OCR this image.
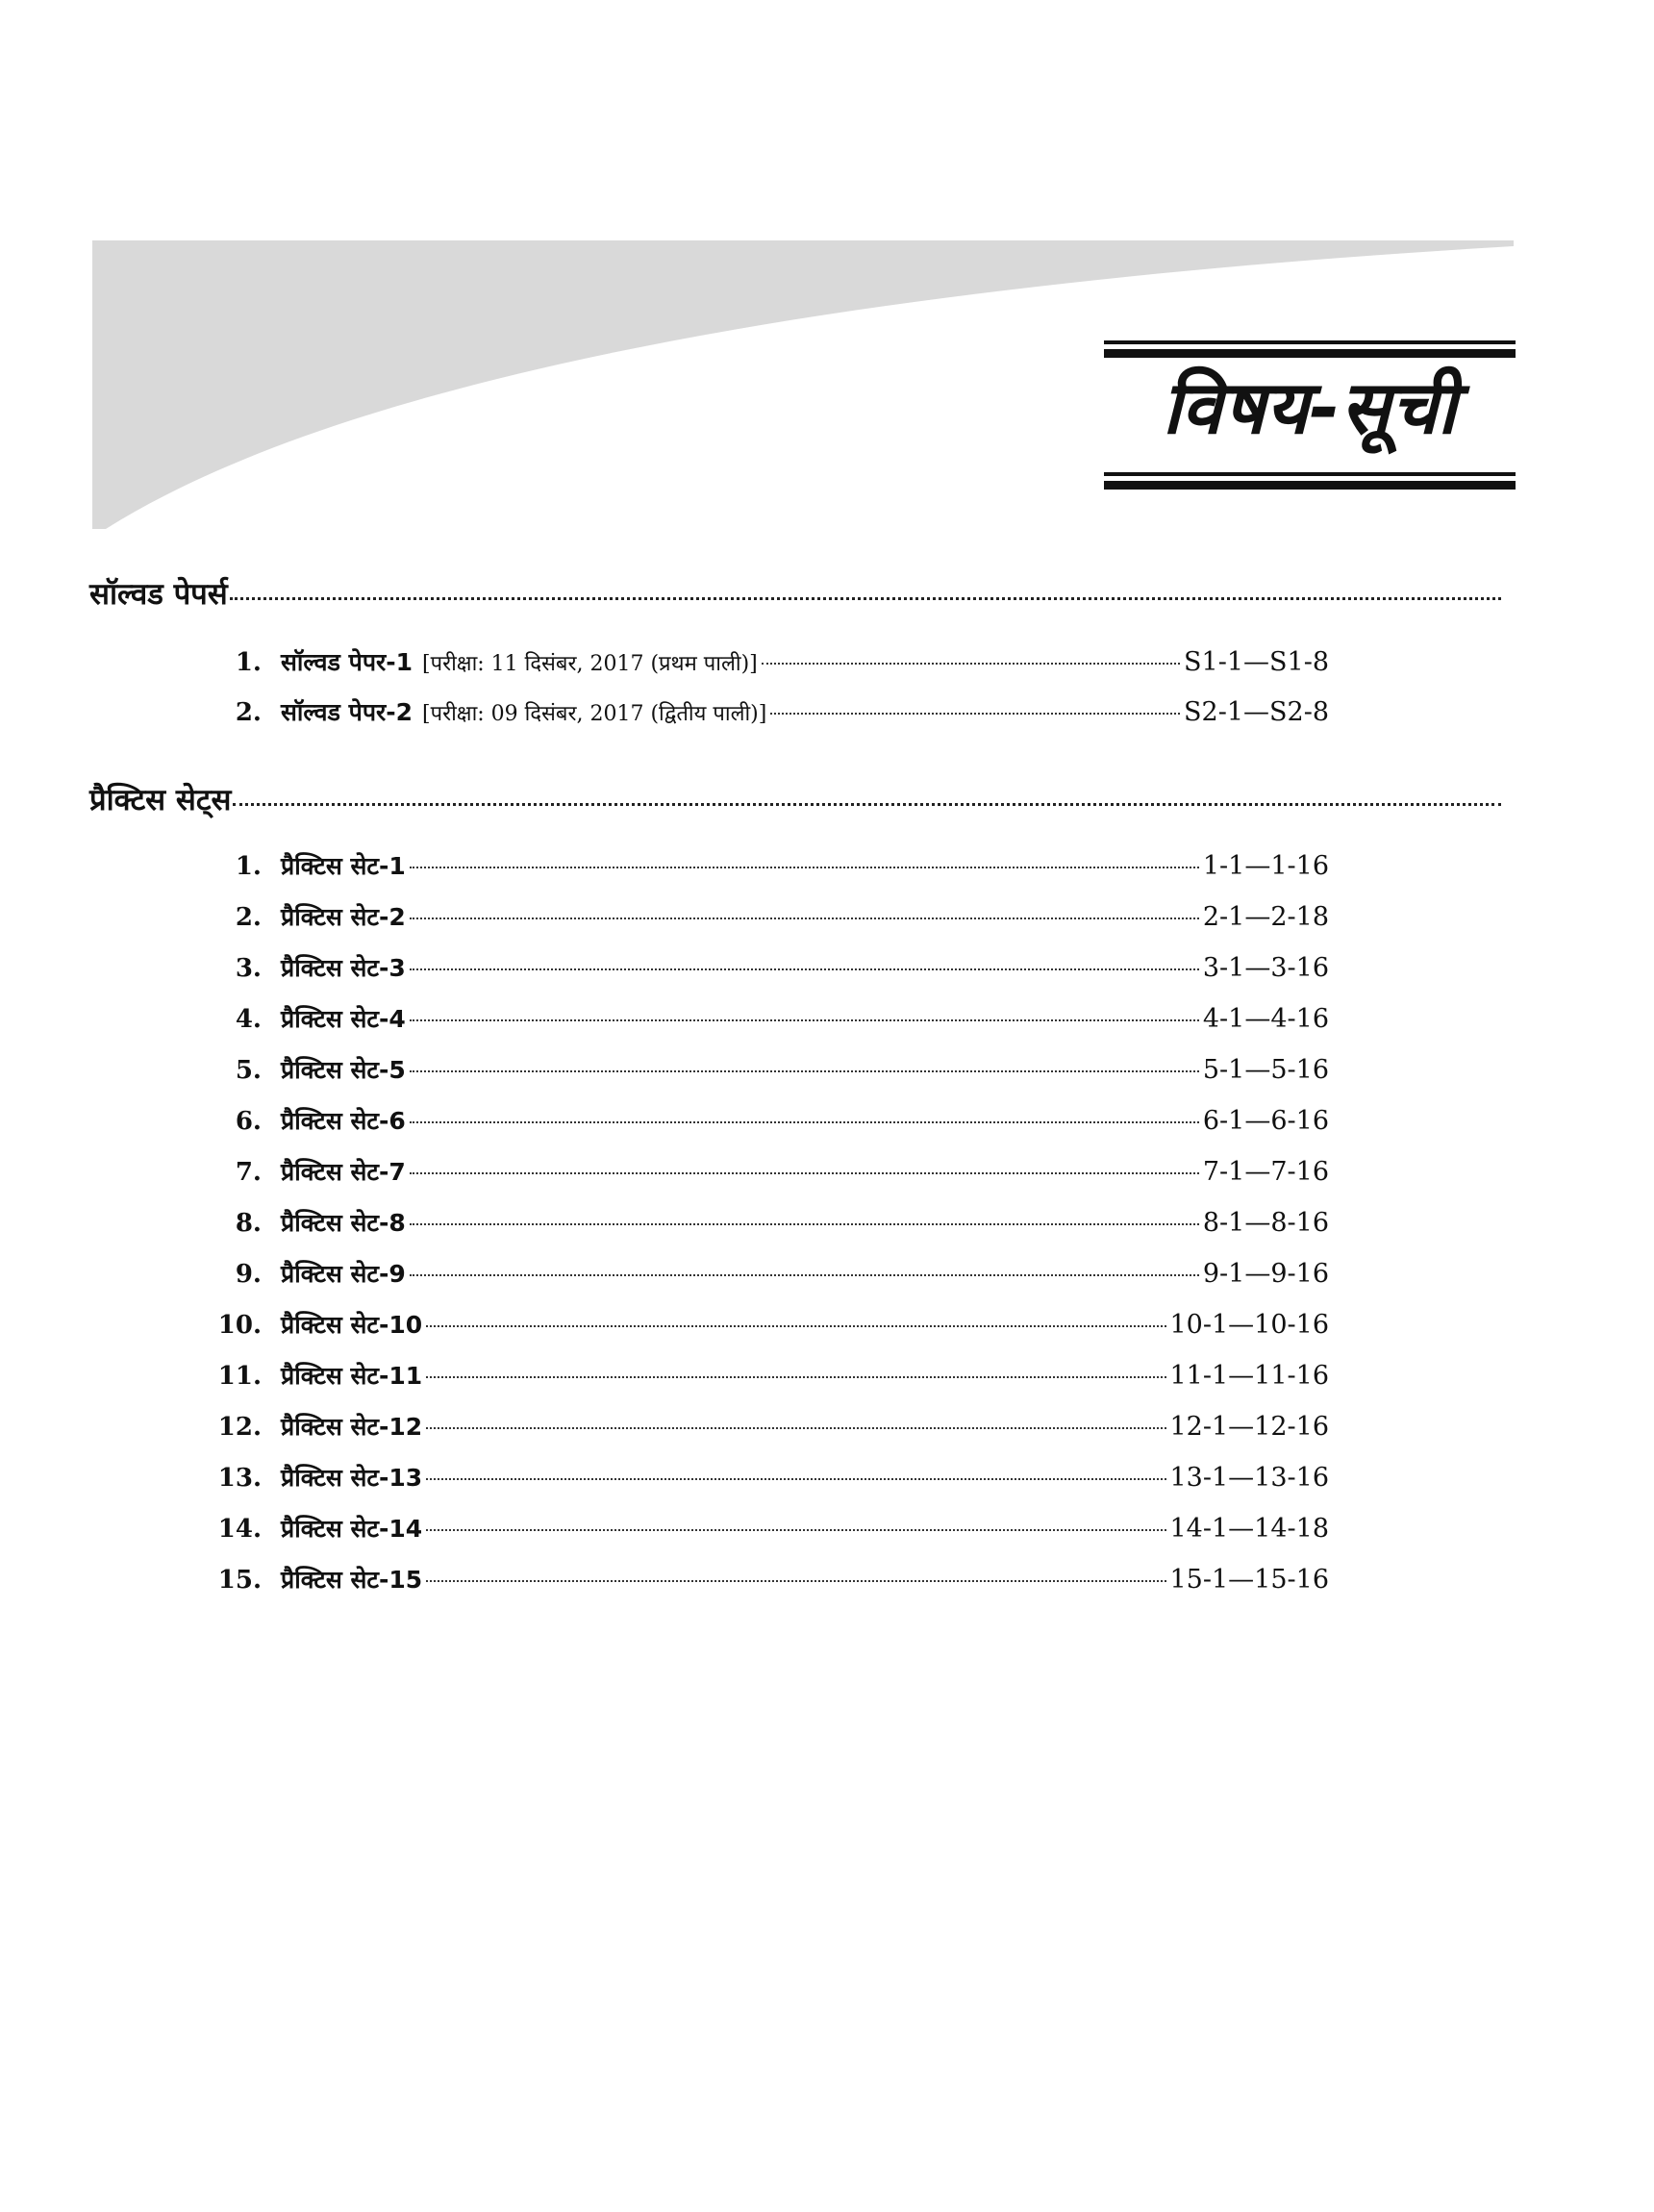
विषय-सूची
सॉल्वड पेपर्स
1. सॉल्वड पेपर-1 [परीक्षा: 11 दिसंबर, 2017 (प्रथम पाली)]	S1-1—S1-8
2. सॉल्वड पेपर-2 [परीक्षा: 09 दिसंबर, 2017 (द्वितीय पाली)]	S2-1—S2-8
प्रैक्टिस सेट्स
1. प्रैक्टिस सेट-1	1-1—1-16
2. प्रैक्टिस सेट-2	2-1—2-18
3. प्रैक्टिस सेट-3	3-1—3-16
4. प्रैक्टिस सेट-4	4-1—4-16
5. प्रैक्टिस सेट-5	5-1—5-16
6. प्रैक्टिस सेट-6	6-1—6-16
7. प्रैक्टिस सेट-7	7-1—7-16
8. प्रैक्टिस सेट-8	8-1—8-16
9. प्रैक्टिस सेट-9	9-1—9-16
10. प्रैक्टिस सेट-10	10-1—10-16
11. प्रैक्टिस सेट-11	11-1—11-16
12. प्रैक्टिस सेट-12	12-1—12-16
13. प्रैक्टिस सेट-13	13-1—13-16
14. प्रैक्टिस सेट-14	14-1—14-18
15. प्रैक्टिस सेट-15	15-1—15-16
